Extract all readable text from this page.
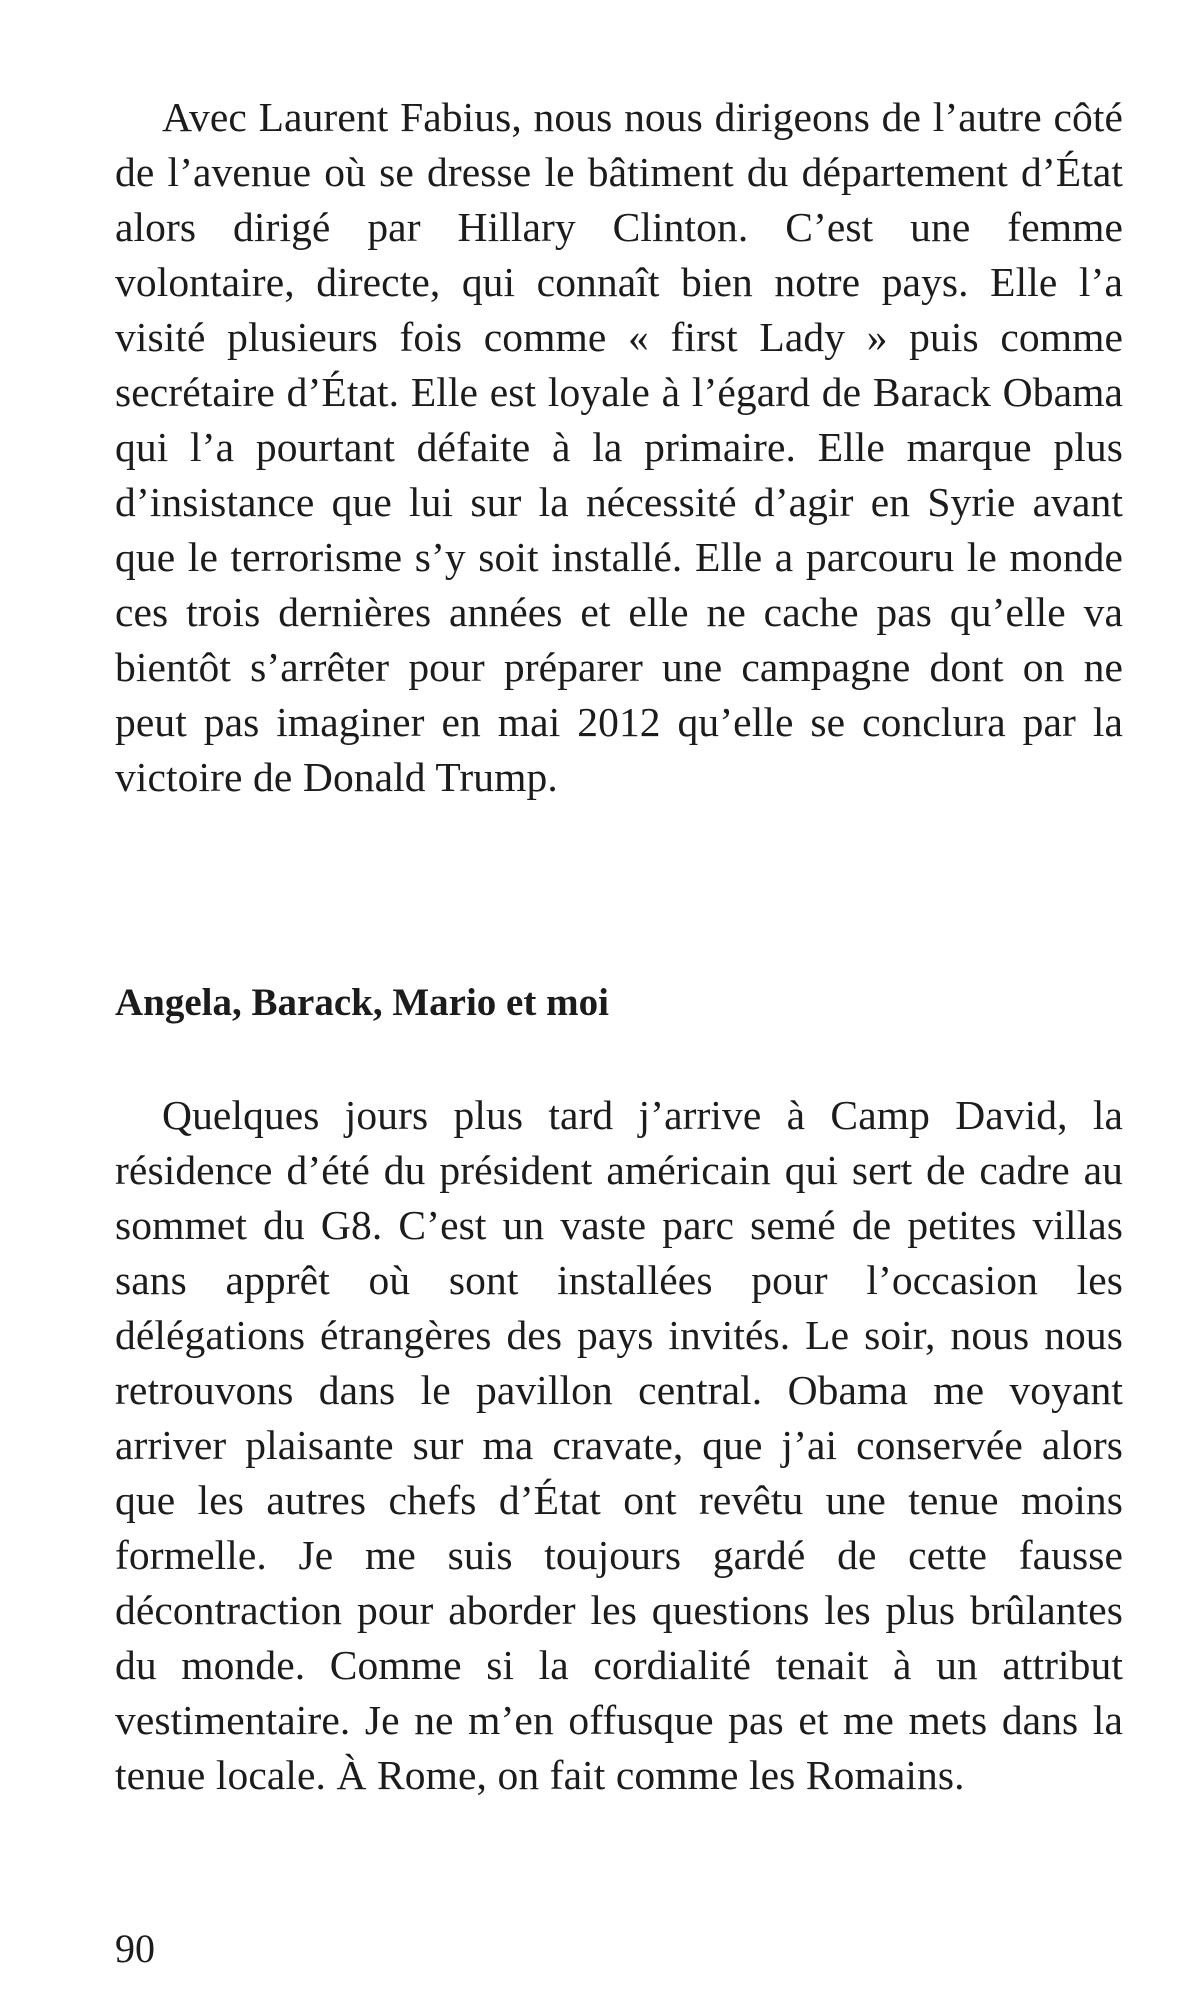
Avec Laurent Fabius, nous nous dirigeons de l’autre côté de l’avenue où se dresse le bâtiment du département d’État alors dirigé par Hillary Clinton. C’est une femme volontaire, directe, qui connaît bien notre pays. Elle l’a visité plusieurs fois comme « first Lady » puis comme secrétaire d’État. Elle est loyale à l’égard de Barack Obama qui l’a pourtant défaite à la primaire. Elle marque plus d’insistance que lui sur la nécessité d’agir en Syrie avant que le terrorisme s’y soit installé. Elle a parcouru le monde ces trois dernières années et elle ne cache pas qu’elle va bientôt s’arrêter pour préparer une campagne dont on ne peut pas imaginer en mai 2012 qu’elle se conclura par la victoire de Donald Trump.

Angela, Barack, Mario et moi

Quelques jours plus tard j’arrive à Camp David, la résidence d’été du président américain qui sert de cadre au sommet du G8. C’est un vaste parc semé de petites villas sans apprêt où sont installées pour l’occasion les délégations étrangères des pays invités. Le soir, nous nous retrouvons dans le pavillon central. Obama me voyant arriver plaisante sur ma cravate, que j’ai conservée alors que les autres chefs d’État ont revêtu une tenue moins formelle. Je me suis toujours gardé de cette fausse décontraction pour aborder les questions les plus brûlantes du monde. Comme si la cordialité tenait à un attribut vestimentaire. Je ne m’en offusque pas et me mets dans la tenue locale. À Rome, on fait comme les Romains.

90
